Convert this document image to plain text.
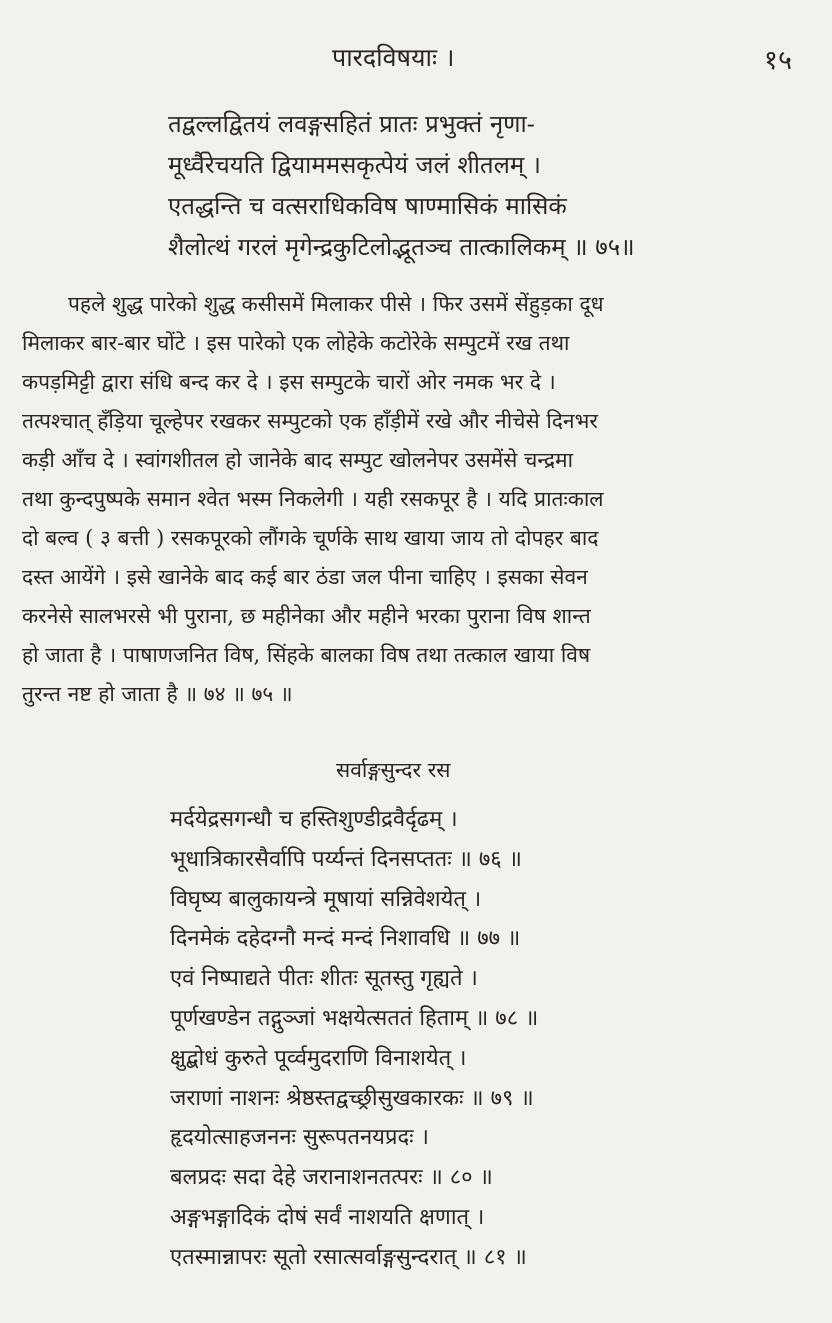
पारदविषयाः ।	१५
तद्वल्लद्वितयं लवङ्गसहितं प्रातः प्रभुक्तं नृणा-
मूर्ध्वैरेचयति द्वियाममसकृत्पेयं जलं शीतलम् ।
एतद्धन्ति च वत्सराधिकविष षाण्मासिकं मासिकं
शैलोत्थं गरलं मृगेन्द्रकुटिलोद्भूतञ्च तात्कालिकम् ॥ ७५॥
पहले शुद्ध पारेको शुद्ध कसीसमें मिलाकर पीसे । फिर उसमें सेंहुड़का दूध
मिलाकर बार-बार घोंटे । इस पारेको एक लोहेके कटोरेके सम्पुटमें रख तथा
कपड़मिट्टी द्वारा संधि बन्द कर दे । इस सम्पुटके चारों ओर नमक भर दे ।
तत्पश्चात् हँड़िया चूल्हेपर रखकर सम्पुटको एक हाँड़ीमें रखे और नीचेसे दिनभर
कड़ी आँच दे । स्वांगशीतल हो जानेके बाद सम्पुट खोलनेपर उसमेंसे चन्द्रमा
तथा कुन्दपुष्पके समान श्वेत भस्म निकलेगी । यही रसकपूर है । यदि प्रातःकाल
दो बल्व ( ३ बत्ती ) रसकपूरको लौंगके चूर्णके साथ खाया जाय तो दोपहर बाद
दस्त आयेंगे । इसे खानेके बाद कई बार ठंडा जल पीना चाहिए । इसका सेवन
करनेसे सालभरसे भी पुराना, छ महीनेका और महीने भरका पुराना विष शान्त
हो जाता है । पाषाणजनित विष, सिंहके बालका विष तथा तत्काल खाया विष
तुरन्त नष्ट हो जाता है ॥ ७४ ॥ ७५ ॥
सर्वाङ्गसुन्दर रस
मर्दयेद्रसगन्धौ च हस्तिशुण्डीद्रवैर्दृढम् ।
भूधात्रिकारसैर्वापि पर्य्यन्तं दिनसप्ततः ॥ ७६ ॥
विघृष्य बालुकायन्त्रे मूषायां सन्निवेशयेत् ।
दिनमेकं दहेदग्नौ मन्दं मन्दं निशावधि ॥ ७७ ॥
एवं निष्पाद्यते पीतः शीतः सूतस्तु गृह्यते ।
पूर्णखण्डेन तद्गुञ्जां भक्षयेत्सततं हिताम् ॥ ७८ ॥
क्षुद्बोधं कुरुते पूर्व्वमुदराणि विनाशयेत् ।
जराणां नाशनः श्रेष्ठस्तद्वच्छ्रीसुखकारकः ॥ ७९ ॥
हृदयोत्साहजननः सुरूपतनयप्रदः ।
बलप्रदः सदा देहे जरानाशनतत्परः ॥ ८० ॥
अङ्गभङ्गादिकं दोषं सर्वं नाशयति क्षणात् ।
एतस्मान्नापरः सूतो रसात्सर्वाङ्गसुन्दरात् ॥ ८१ ॥
